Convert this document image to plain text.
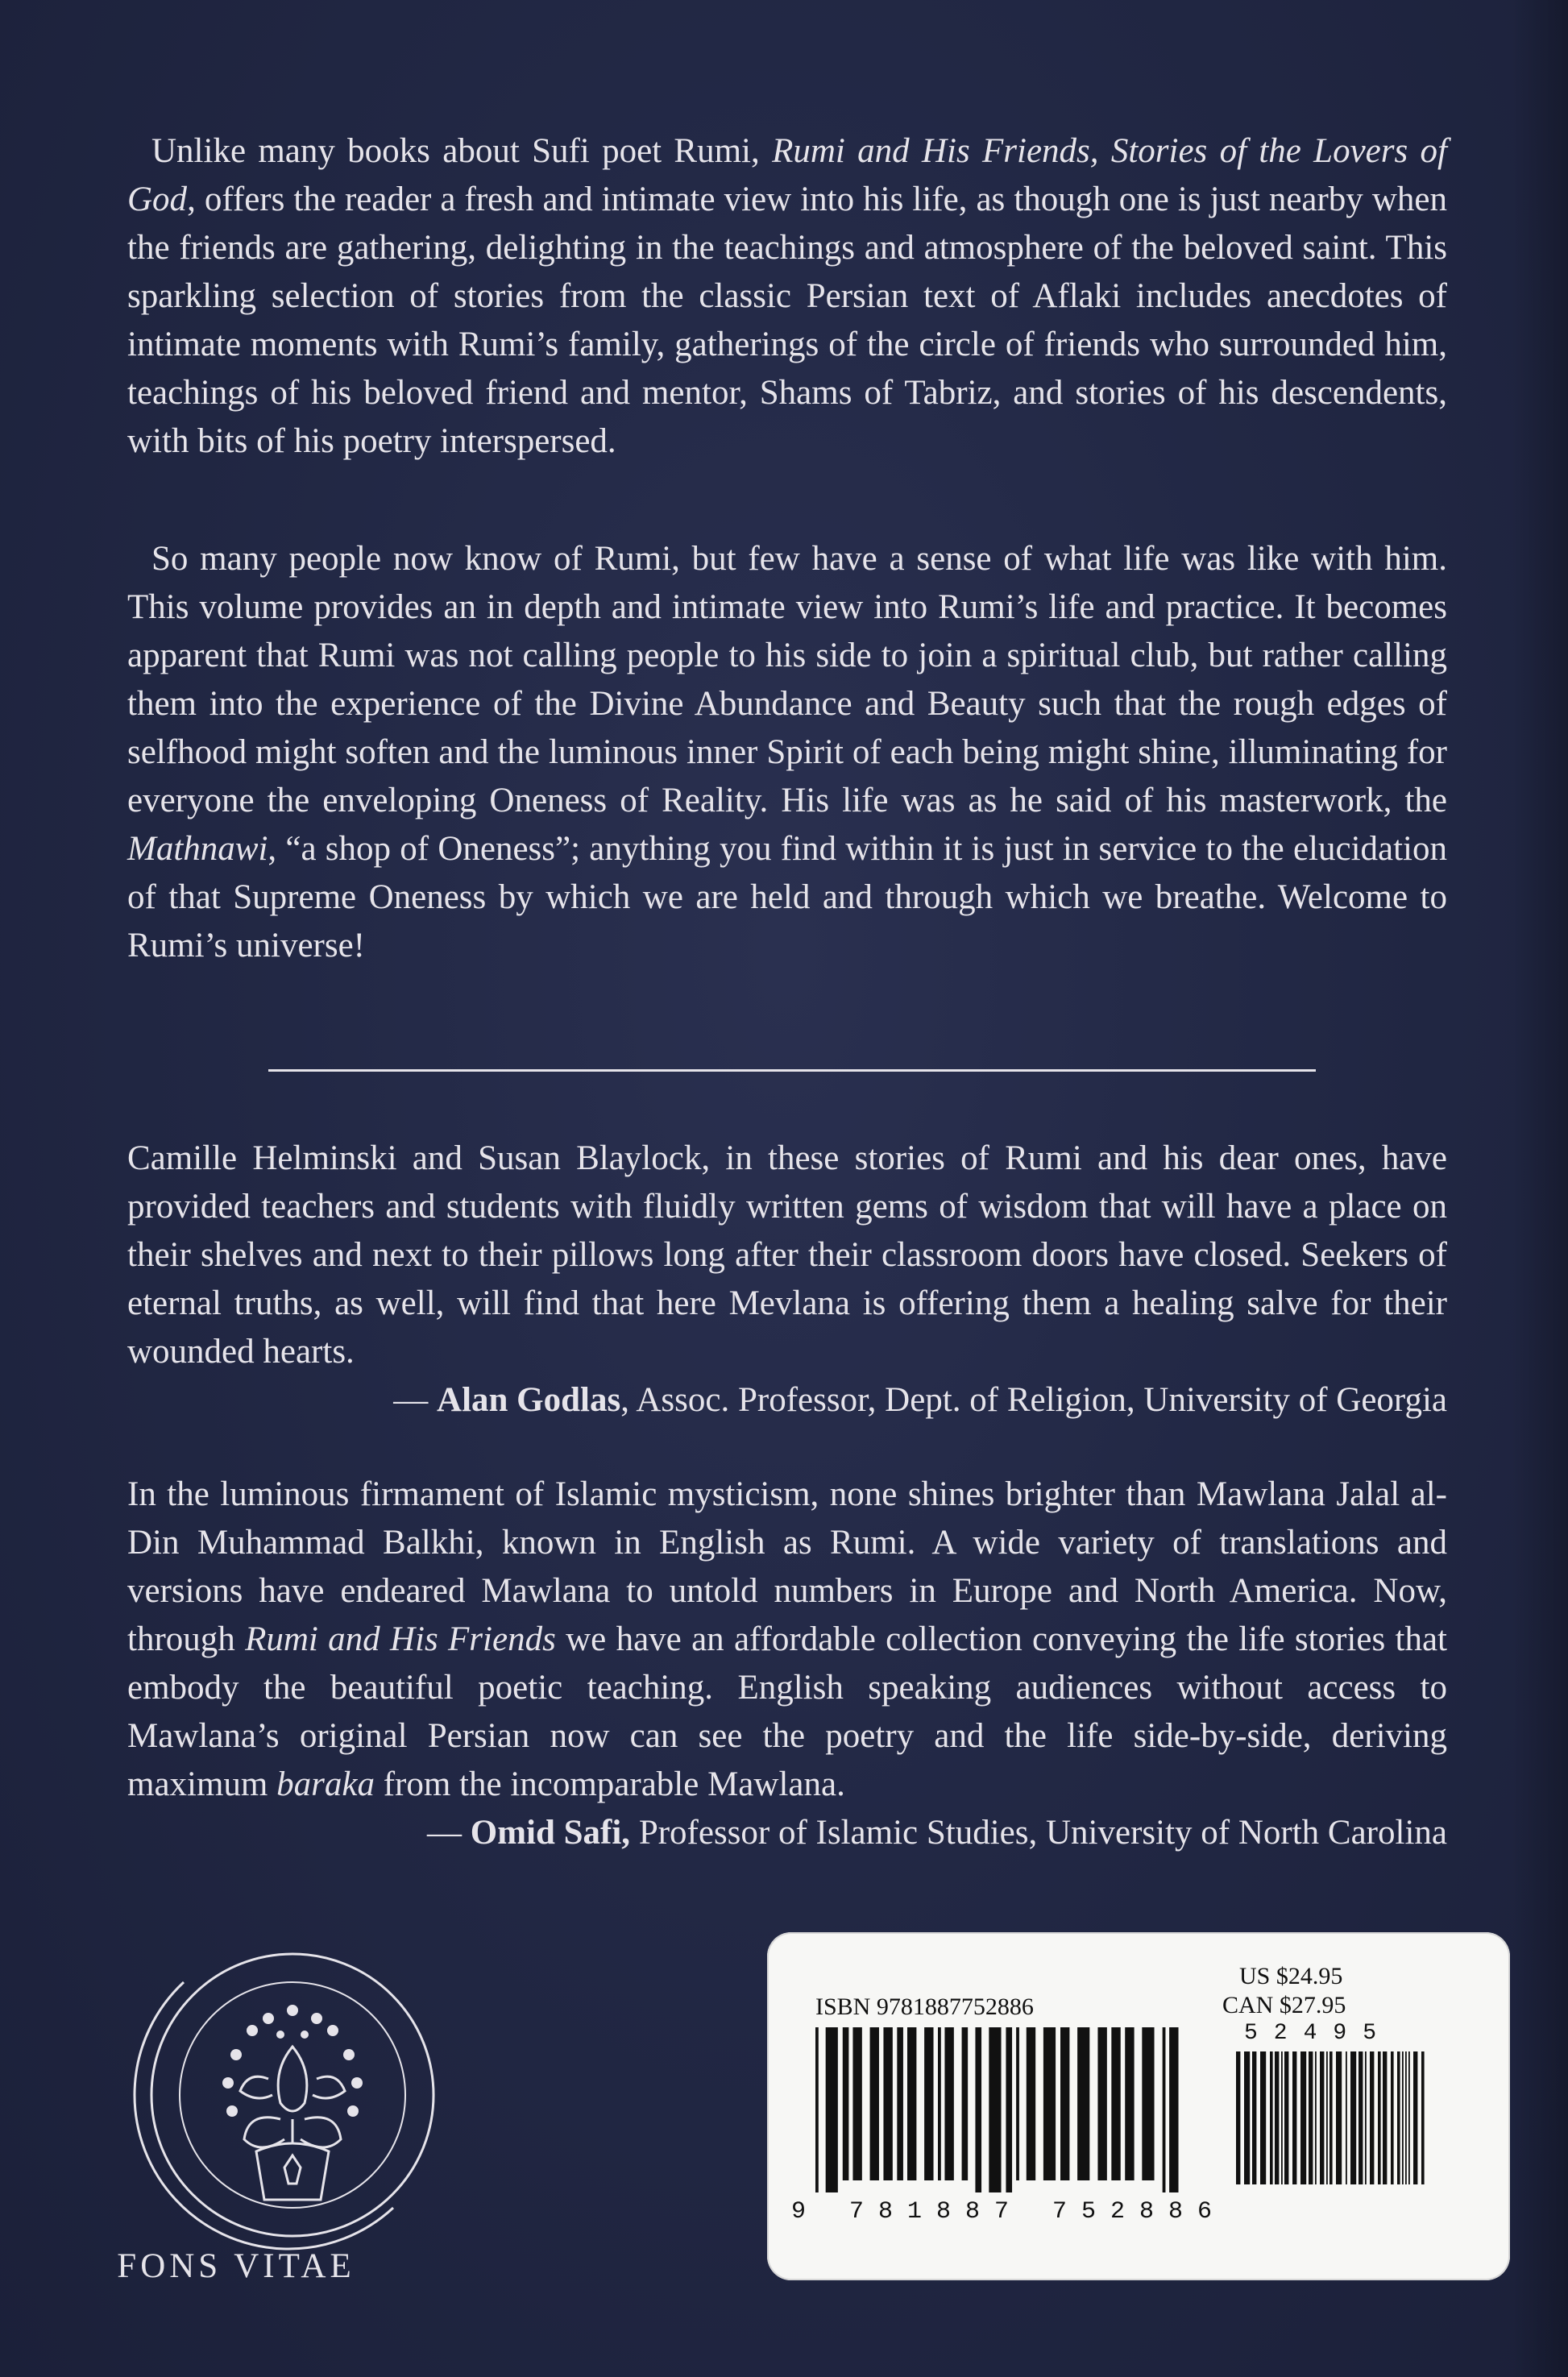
Unlike many books about Sufi poet Rumi, Rumi and His Friends, Stories of the Lovers of God, offers the reader a fresh and intimate view into his life, as though one is just nearby when the friends are gathering, delighting in the teachings and atmosphere of the beloved saint. This sparkling selection of stories from the classic Persian text of Aflaki includes anecdotes of intimate moments with Rumi’s family, gatherings of the circle of friends who surrounded him, teachings of his beloved friend and mentor, Shams of Tabriz, and stories of his descendents, with bits of his poetry interspersed.

So many people now know of Rumi, but few have a sense of what life was like with him. This volume provides an in depth and intimate view into Rumi’s life and practice. It becomes apparent that Rumi was not calling people to his side to join a spiritual club, but rather calling them into the experience of the Divine Abundance and Beauty such that the rough edges of selfhood might soften and the luminous inner Spirit of each being might shine, illuminating for everyone the enveloping Oneness of Reality. His life was as he said of his masterwork, the Mathnawi, “a shop of Oneness”; anything you find within it is just in service to the elucidation of that Supreme Oneness by which we are held and through which we breathe. Welcome to Rumi’s universe!

Camille Helminski and Susan Blaylock, in these stories of Rumi and his dear ones, have provided teachers and students with fluidly written gems of wisdom that will have a place on their shelves and next to their pillows long after their classroom doors have closed. Seekers of eternal truths, as well, will find that here Mevlana is offering them a healing salve for their wounded hearts.
— Alan Godlas, Assoc. Professor, Dept. of Religion, University of Georgia

In the luminous firmament of Islamic mysticism, none shines brighter than Mawlana Jalal al-Din Muhammad Balkhi, known in English as Rumi. A wide variety of translations and versions have endeared Mawlana to untold numbers in Europe and North America. Now, through Rumi and His Friends we have an affordable collection conveying the life stories that embody the beautiful poetic teaching. English speaking audiences without access to Mawlana’s original Persian now can see the poetry and the life side-by-side, deriving maximum baraka from the incomparable Mawlana.
— Omid Safi, Professor of Islamic Studies, University of North Carolina

FONS VITAE
ISBN 9781887752886
US $24.95
CAN $27.95
52495
9 781887 752886
